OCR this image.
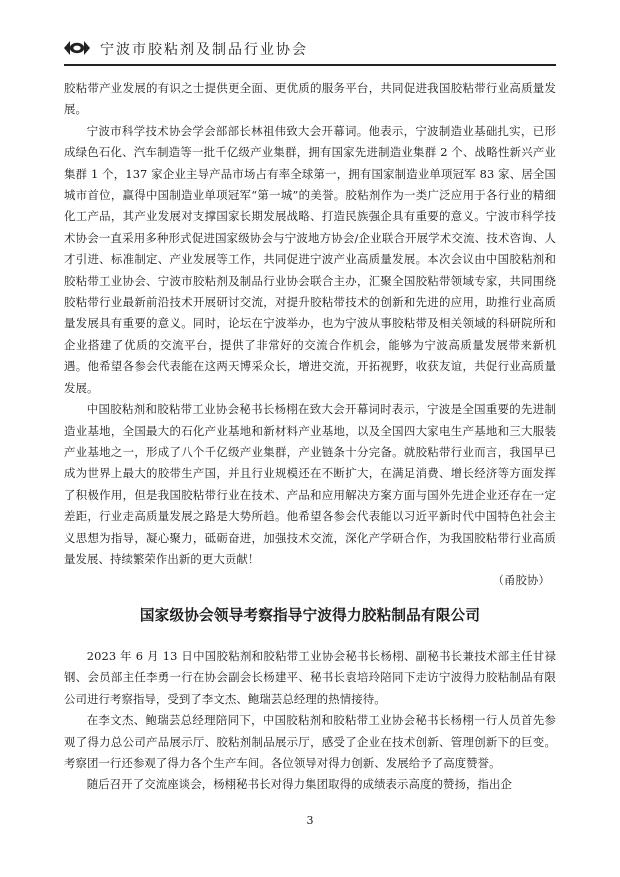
宁波市胶粘剂及制品行业协会

胶粘带产业发展的有识之士提供更全面、更优质的服务平台，共同促进我国胶粘带行业高质量发展。

宁波市科学技术协会学会部部长林祖伟致大会开幕词。他表示，宁波制造业基础扎实，已形成绿色石化、汽车制造等一批千亿级产业集群，拥有国家先进制造业集群 2 个、战略性新兴产业集群 1 个，137 家企业主导产品市场占有率全球第一，拥有国家制造业单项冠军 83 家、居全国城市首位，赢得中国制造业单项冠军“第一城”的美誉。胶粘剂作为一类广泛应用于各行业的精细化工产品，其产业发展对支撑国家长期发展战略、打造民族强企具有重要的意义。宁波市科学技术协会一直采用多种形式促进国家级协会与宁波地方协会/企业联合开展学术交流、技术咨询、人才引进、标准制定、产业发展等工作，共同促进宁波产业高质量发展。本次会议由中国胶粘剂和胶粘带工业协会、宁波市胶粘剂及制品行业协会联合主办，汇聚全国胶粘带领域专家，共同围绕胶粘带行业最新前沿技术开展研讨交流，对提升胶粘带技术的创新和先进的应用，助推行业高质量发展具有重要的意义。同时，论坛在宁波举办，也为宁波从事胶粘带及相关领域的科研院所和企业搭建了优质的交流平台，提供了非常好的交流合作机会，能够为宁波高质量发展带来新机遇。他希望各参会代表能在这两天博采众长，增进交流，开拓视野，收获友谊，共促行业高质量发展。

中国胶粘剂和胶粘带工业协会秘书长杨栩在致大会开幕词时表示，宁波是全国重要的先进制造业基地，全国最大的石化产业基地和新材料产业基地，以及全国四大家电生产基地和三大服装产业基地之一，形成了八个千亿级产业集群，产业链条十分完备。就胶粘带行业而言，我国早已成为世界上最大的胶带生产国，并且行业规模还在不断扩大，在满足消费、增长经济等方面发挥了积极作用，但是我国胶粘带行业在技术、产品和应用解决方案方面与国外先进企业还存在一定差距，行业走高质量发展之路是大势所趋。他希望各参会代表能以习近平新时代中国特色社会主义思想为指导，凝心聚力，砥砺奋进，加强技术交流，深化产学研合作，为我国胶粘带行业高质量发展、持续繁荣作出新的更大贡献！

（甬胶协）

国家级协会领导考察指导宁波得力胶粘制品有限公司

2023 年 6 月 13 日中国胶粘剂和胶粘带工业协会秘书长杨栩、副秘书长兼技术部主任甘禄钢、会员部主任李勇一行在协会副会长杨建平、秘书长袁培玲陪同下走访宁波得力胶粘制品有限公司进行考察指导，受到了李文杰、鲍瑞芸总经理的热情接待。

在李文杰、鲍瑞芸总经理陪同下，中国胶粘剂和胶粘带工业协会秘书长杨栩一行人员首先参观了得力总公司产品展示厅、胶粘剂制品展示厅，感受了企业在技术创新、管理创新下的巨变。考察团一行还参观了得力各个生产车间。各位领导对得力创新、发展给予了高度赞誉。

随后召开了交流座谈会，杨栩秘书长对得力集团取得的成绩表示高度的赞扬，指出企

3
